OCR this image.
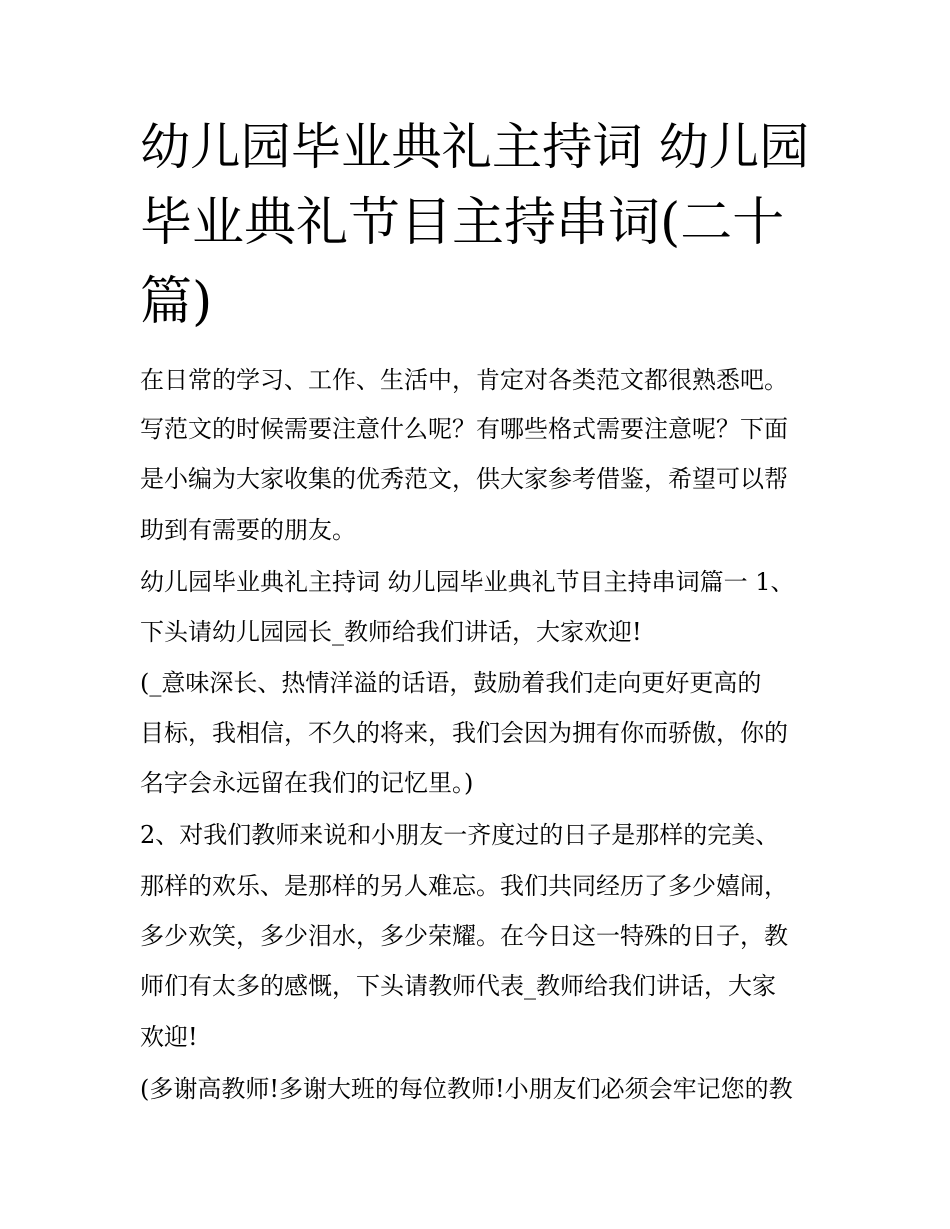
幼儿园毕业典礼主持词 幼儿园
毕业典礼节目主持串词(二十
篇)
在日常的学习、工作、生活中，肯定对各类范文都很熟悉吧。
写范文的时候需要注意什么呢？有哪些格式需要注意呢？下面
是小编为大家收集的优秀范文，供大家参考借鉴，希望可以帮
助到有需要的朋友。
幼儿园毕业典礼主持词 幼儿园毕业典礼节目主持串词篇一 1、
下头请幼儿园园长_教师给我们讲话，大家欢迎!
(_意味深长、热情洋溢的话语，鼓励着我们走向更好更高的
目标，我相信，不久的将来，我们会因为拥有你而骄傲，你的
名字会永远留在我们的记忆里。)
2、对我们教师来说和小朋友一齐度过的日子是那样的完美、
那样的欢乐、是那样的另人难忘。我们共同经历了多少嬉闹，
多少欢笑，多少泪水，多少荣耀。在今日这一特殊的日子，教
师们有太多的感慨，下头请教师代表_教师给我们讲话，大家
欢迎!
(多谢高教师!多谢大班的每位教师!小朋友们必须会牢记您的教
